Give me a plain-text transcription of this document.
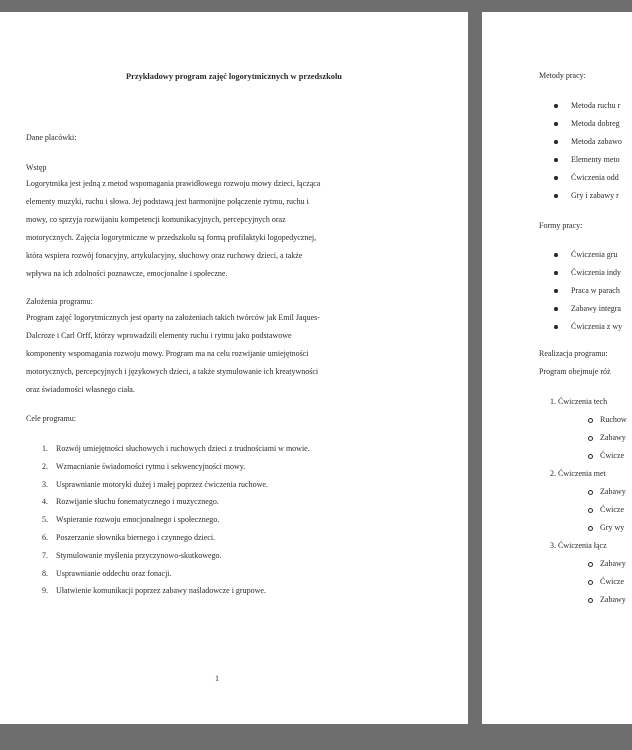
Przykładowy program zajęć logorytmicznych w przedszkolu
Dane placówki:
Wstęp
Logorytmika jest jedną z metod wspomagania prawidłowego rozwoju mowy dzieci, łącząca
elementy muzyki, ruchu i słowa. Jej podstawą jest harmonijne połączenie rytmu, ruchu i
mowy, co sprzyja rozwijaniu kompetencji komunikacyjnych, percepcyjnych oraz
motorycznych. Zajęcia logorytmiczne w przedszkolu są formą profilaktyki logopedycznej,
która wspiera rozwój fonacyjny, artykulacyjny, słuchowy oraz ruchowy dzieci, a także
wpływa na ich zdolności poznawcze, emocjonalne i społeczne.
Założenia programu:
Program zajęć logorytmicznych jest oparty na założeniach takich twórców jak Emil Jaques-
Dalcroze i Carl Orff, którzy wprowadzili elementy ruchu i rytmu jako podstawowe
komponenty wspomagania rozwoju mowy. Program ma na celu rozwijanie umiejętności
motorycznych, percepcyjnych i językowych dzieci, a także stymulowanie ich kreatywności
oraz świadomości własnego ciała.
Cele programu:
1. Rozwój umiejętności słuchowych i ruchowych dzieci z trudnościami w mowie.
2. Wzmacnianie świadomości rytmu i sekwencyjności mowy.
3. Usprawnianie motoryki dużej i małej poprzez ćwiczenia ruchowe.
4. Rozwijanie słuchu fonematycznego i muzycznego.
5. Wspieranie rozwoju emocjonalnego i społecznego.
6. Poszerzanie słownika biernego i czynnego dzieci.
7. Stymulowanie myślenia przyczynowo-skutkowego.
8. Usprawnianie oddechu oraz fonacji.
9. Ułatwienie komunikacji poprzez zabawy naśladowcze i grupowe.
1
Metody pracy:
Metoda ruchu r
Metoda dobreg
Metoda zabawo
Elementy meto
Ćwiczenia odd
Gry i zabawy r
Formy pracy:
Ćwiczenia gru
Ćwiczenia indy
Praca w parach
Zabawy integra
Ćwiczenia z wy
Realizacja programu:
Program obejmuje róż
1. Ćwiczenia tech
Ruchow
Zabawy
Ćwicze
2. Ćwiczenia met
Zabawy
Ćwicze
Gry wy
3. Ćwiczenia łącz
Zabawy
Ćwicze
Zabawy
